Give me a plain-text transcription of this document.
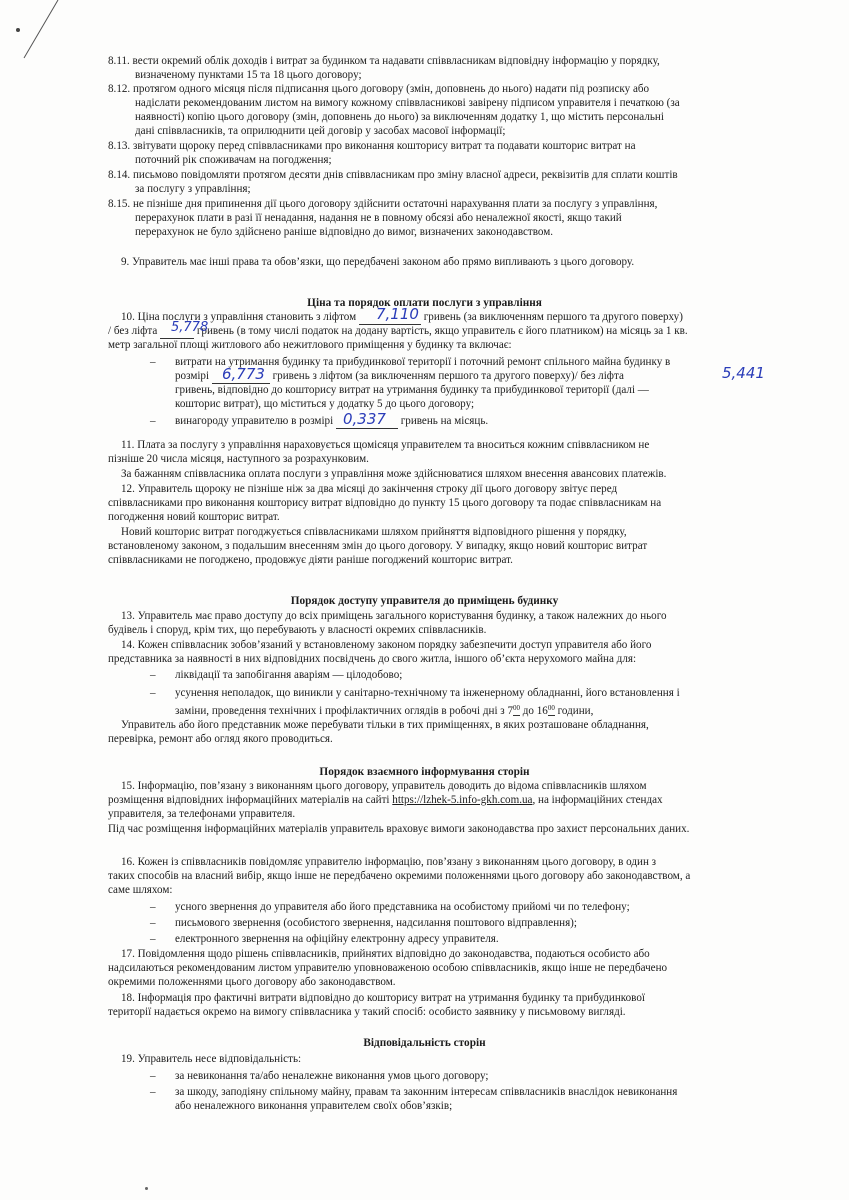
8.11. вести окремий облік доходів і витрат за будинком та надавати співвласникам відповідну інформацію у порядку,
визначеному пунктами 15 та 18 цього договору;
8.12. протягом одного місяця після підписання цього договору (змін, доповнень до нього) надати під розписку або
надіслати рекомендованим листом на вимогу кожному співвласникові завірену підписом управителя і печаткою (за
наявності) копію цього договору (змін, доповнень до нього) за виключенням додатку 1, що містить персональні
дані співвласників, та оприлюднити цей договір у засобах масової інформації;
8.13. звітувати щороку перед співвласниками про виконання кошторису витрат та подавати кошторис витрат на
поточний рік споживачам на погодження;
8.14. письмово повідомляти протягом десяти днів співвласникам про зміну власної адреси, реквізитів для сплати коштів
за послугу з управління;
8.15. не пізніше дня припинення дії цього договору здійснити остаточні нарахування плати за послугу з управління,
перерахунок плати в разі її ненадання, надання не в повному обсязі або неналежної якості, якщо такий
перерахунок не було здійснено раніше відповідно до вимог, визначених законодавством.
9. Управитель має інші права та обов’язки, що передбачені законом або прямо випливають з цього договору.
Ціна та порядок оплати послуги з управління
10. Ціна послуги з управління становить з ліфтом	гривень (за виключенням першого та другого поверху)
7,110
/ без ліфта	гривень (в тому числі податок на додану вартість, якщо управитель є його платником) на місяць за 1 кв.
5,778
метр загальної площі житлового або нежитлового приміщення у будинку та включає:
– витрати на утримання будинку та прибудинкової території і поточний ремонт спільного майна будинку в
розмірі	гривень з ліфтом (за виключенням першого та другого поверху)/ без ліфта
6,773	5,441
гривень, відповідно до кошторису витрат на утримання будинку та прибудинкової території (далі —
кошторис витрат), що міститься у додатку 5 до цього договору;
– винагороду управителю в розмірі	гривень на місяць.
0,337
11. Плата за послугу з управління нараховується щомісяця управителем та вноситься кожним співвласником не
пізніше 20 числа місяця, наступного за розрахунковим.
За бажанням співвласника оплата послуги з управління може здійснюватися шляхом внесення авансових платежів.
12. Управитель щороку не пізніше ніж за два місяці до закінчення строку дії цього договору звітує перед
співвласниками про виконання кошторису витрат відповідно до пункту 15 цього договору та подає співвласникам на
погодження новий кошторис витрат.
Новий кошторис витрат погоджується співвласниками шляхом прийняття відповідного рішення у порядку,
встановленому законом, з подальшим внесенням змін до цього договору. У випадку, якщо новий кошторис витрат
співвласниками не погоджено, продовжує діяти раніше погоджений кошторис витрат.
Порядок доступу управителя до приміщень будинку
13. Управитель має право доступу до всіх приміщень загального користування будинку, а також належних до нього
будівель і споруд, крім тих, що перебувають у власності окремих співвласників.
14. Кожен співвласник зобов’язаний у встановленому законом порядку забезпечити доступ управителя або його
представника за наявності в них відповідних посвідчень до свого житла, іншого об’єкта нерухомого майна для:
– ліквідації та запобігання аваріям — цілодобово;
– усунення неполадок, що виникли у санітарно-технічному та інженерному обладнанні, його встановлення і
заміни, проведення технічних і профілактичних оглядів в робочі дні з $7^{00}$ до $16^{00}$ години,
Управитель або його представник може перебувати тільки в тих приміщеннях, в яких розташоване обладнання,
перевірка, ремонт або огляд якого проводиться.
Порядок взаємного інформування сторін
15. Інформацію, пов’язану з виконанням цього договору, управитель доводить до відома співвласників шляхом
розміщення відповідних інформаційних матеріалів на сайті https://lzhek-5.info-gkh.com.ua, на інформаційних стендах
управителя, за телефонами управителя.
Під час розміщення інформаційних матеріалів управитель враховує вимоги законодавства про захист персональних даних.
16. Кожен із співвласників повідомляє управителю інформацію, пов’язану з виконанням цього договору, в один з
таких способів на власний вибір, якщо інше не передбачено окремими положеннями цього договору або законодавством, а
саме шляхом:
– усного звернення до управителя або його представника на особистому прийомі чи по телефону;
– письмового звернення (особистого звернення, надсилання поштового відправлення);
– електронного звернення на офіційну електронну адресу управителя.
17. Повідомлення щодо рішень співвласників, прийнятих відповідно до законодавства, подаються особисто або
надсилаються рекомендованим листом управителю уповноваженою особою співвласників, якщо інше не передбачено
окремими положеннями цього договору або законодавством.
18. Інформація про фактичні витрати відповідно до кошторису витрат на утримання будинку та прибудинкової
території надається окремо на вимогу співвласника у такий спосіб: особисто заявнику у письмовому вигляді.
Відповідальність сторін
19. Управитель несе відповідальність:
– за невиконання та/або неналежне виконання умов цього договору;
– за шкоду, заподіяну спільному майну, правам та законним інтересам співвласників внаслідок невиконання
або неналежного виконання управителем своїх обов’язків;
